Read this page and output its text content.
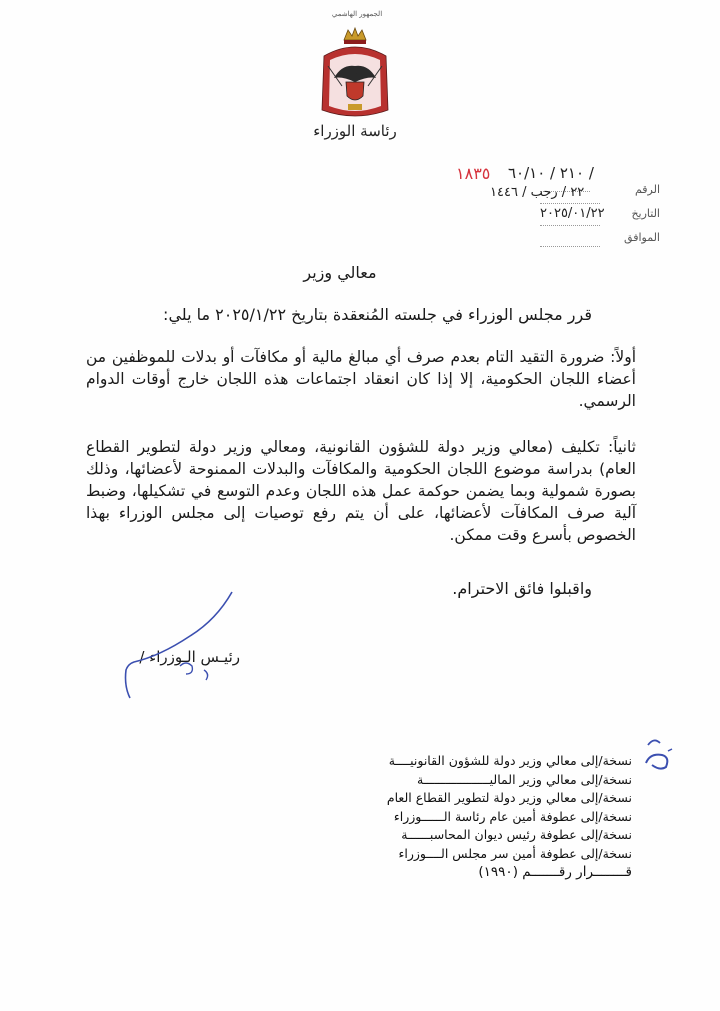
الجمهور الهاشمي
رئاسة الوزراء
١٨٣٥ ٢١٠ / ٦٠/١٠ /
الرقم
٢٢ / رجب / ١٤٤٦
التاريخ
٢٠٢٥/٠١/٢٢
الموافق
معالي وزير
قرر مجلس الوزراء في جلسته المُنعقدة بتاريخ ٢٠٢٥/١/٢٢ ما يلي:
أولاً: ضرورة التقيد التام بعدم صرف أي مبالغ مالية أو مكافآت أو بدلات للموظفين من أعضاء اللجان الحكومية، إلا إذا كان انعقاد اجتماعات هذه اللجان خارج أوقات الدوام الرسمي.
ثانياً: تكليف (معالي وزير دولة للشؤون القانونية، ومعالي وزير دولة لتطوير القطاع العام) بدراسة موضوع اللجان الحكومية والمكافآت والبدلات الممنوحة لأعضائها، وذلك بصورة شمولية وبما يضمن حوكمة عمل هذه اللجان وعدم التوسع في تشكيلها، وضبط آلية صرف المكافآت لأعضائها، على أن يتم رفع توصيات إلى مجلس الوزراء بهذا الخصوص بأسرع وقت ممكن.
واقبلوا فائق الاحترام.
رئيـس الـوزراء /
نسخة/إلى معالي وزير دولة للشؤون القانونيــــة
نسخة/إلى معالي وزير الماليــــــــــــــــــة
نسخة/إلى معالي وزير دولة لتطوير القطاع العام
نسخة/إلى عطوفة أمين عام رئاسة الــــــوزراء
نسخة/إلى عطوفة رئيس ديوان المحاسبــــــة
نسخة/إلى عطوفة أمين سر مجلس الــــوزراء
قــــــــرار رقـــــــم (١٩٩٠)
